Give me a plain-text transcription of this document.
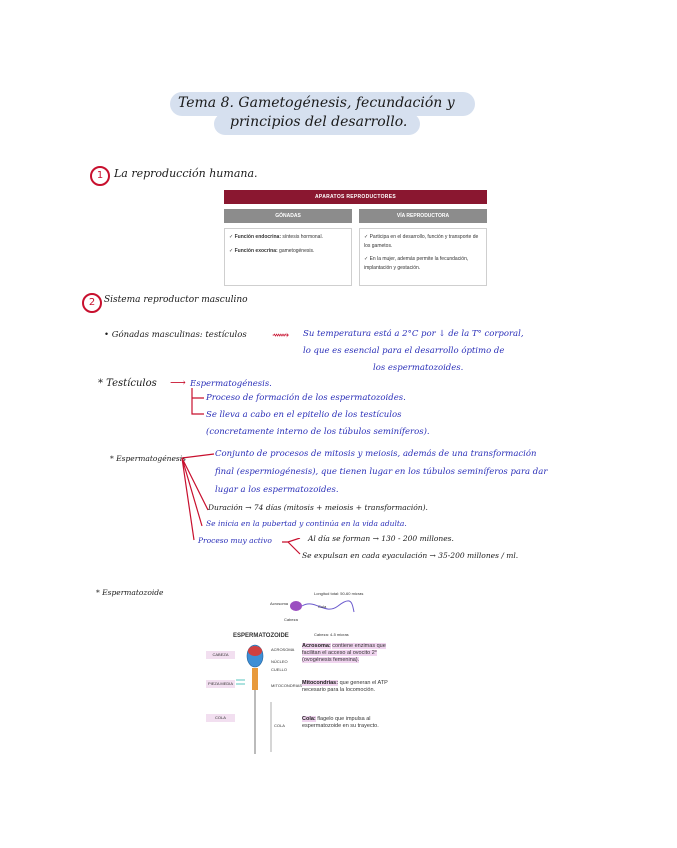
Tema 8. Gametogénesis, fecundación y
principios del desarrollo.
1 La reproducción humana.
APARATOS REPRODUCTORES
GÓNADAS	VÍA REPRODUCTORA
✓ Función endocrina: síntesis hormonal.
✓ Función exocrina: gametogénesis.
✓ Participa en el desarrollo, función y transporte de los gametos.
✓ En la mujer, además permite la fecundación, implantación y gestación.
2 Sistema reproductor masculino
• Gónadas masculinas: testículos ⟿ Su temperatura está a 2°C por ↓ de la T° corporal,
lo que es esencial para el desarrollo óptimo de
los espermatozoides.
* Testículos ⟶ Espermatogénesis.
Proceso de formación de los espermatozoides.
Se lleva a cabo en el epitelio de los testículos
(concretamente interno de los túbulos seminíferos).
* Espermatogénesis	Conjunto de procesos de mitosis y meiosis, además de una transformación
final (espermiogénesis), que tienen lugar en los túbulos seminíferos para dar
lugar a los espermatozoides.
Duración → 74 días (mitosis + meiosis + transformación).
Se inicia en la pubertad y continúa en la vida adulta.
Proceso muy activo	Al día se forman → 130 - 200 millones.
Se expulsan en cada eyaculación → 35-200 millones / ml.
* Espermatozoide	Longitud total: 50-60 micras
Acrosoma
Cola
Cabeza
Cabeza: 4-5 micras
ESPERMATOZOIDE
CABEZA
PIEZA MEDIA
COLA
ACROSOMA
NÚCLEO
CUELLO
MITOCONDRIAS
COLA
Acrosoma: contiene enzimas que facilitan el acceso al ovocito 2° (ovogénesis femenina).
Mitocondrias: que generan el ATP necesario para la locomoción.
Cola: flagelo que impulsa al espermatozoide en su trayecto.
